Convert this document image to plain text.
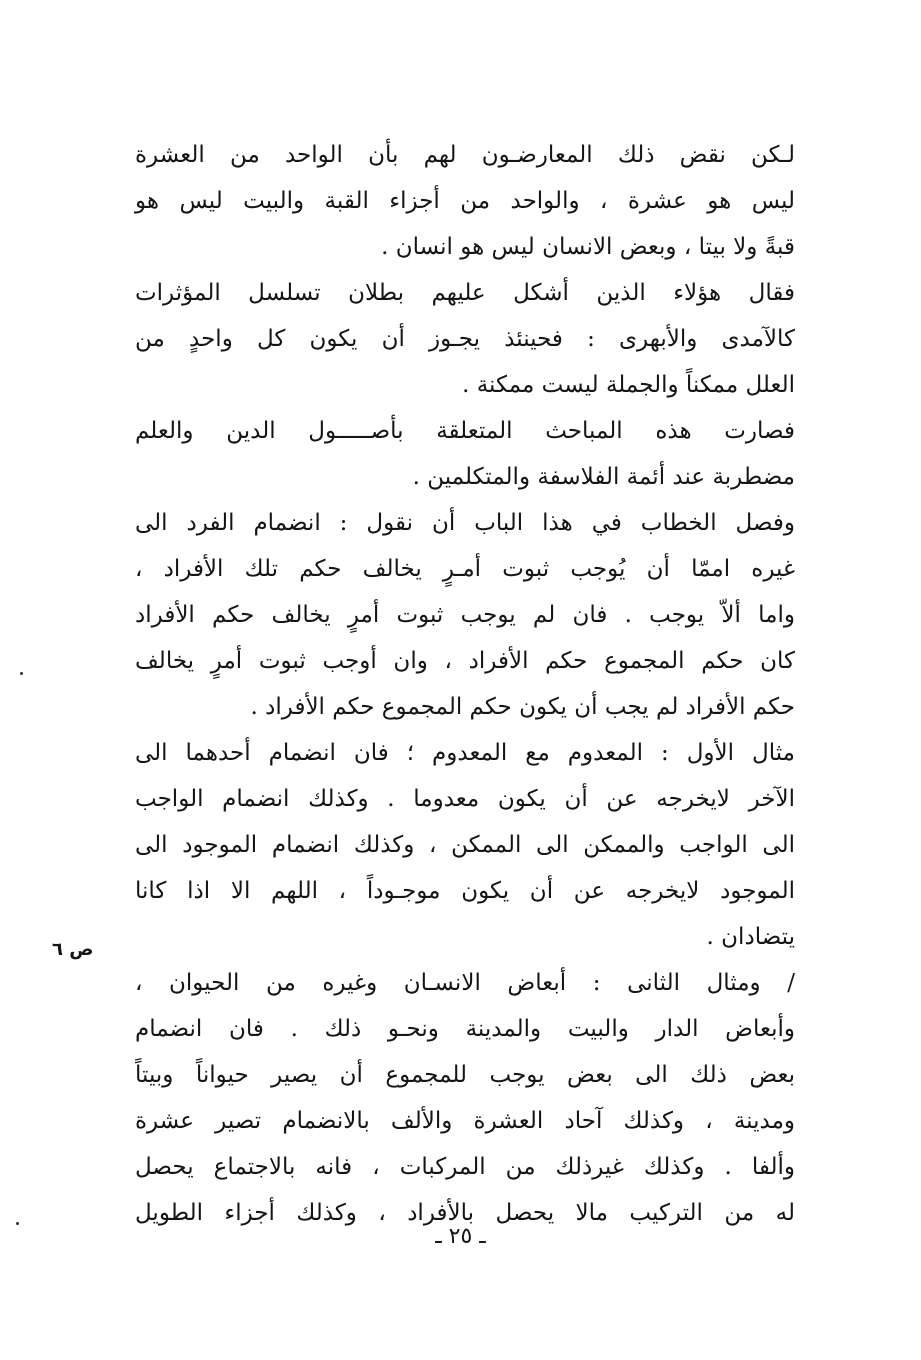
لـكن نقض ذلك المعارضـون لهم بأن الواحد من العشرة
ليس هو عشرة ، والواحد من أجزاء القبة والبيت ليس هو
قبةً ولا بيتا ، وبعض الانسان ليس هو انسان .
فقال هؤلاء الذين أشكل عليهم بطلان تسلسل المؤثرات
كالآمدى والأبهرى : فحينئذ يجـوز أن يكون كل واحدٍ من
العلل ممكناً والجملة ليست ممكنة .
فصارت هذه المباحث المتعلقة بأصـــــول الدين والعلم
مضطربة عند أئمة الفلاسفة والمتكلمين .
وفصل الخطاب في هذا الباب أن نقول : انضمام الفرد الى
غيره اممّا أن يُوجب ثبوت أمـرٍ يخالف حكم تلك الأفراد ،
واما ألاّ يوجب . فان لم يوجب ثبوت أمرٍ يخالف حكم الأفراد
كان حكم المجموع حكم الأفراد ، وان أوجب ثبوت أمرٍ يخالف
حكم الأفراد لم يجب أن يكون حكم المجموع حكم الأفراد .
مثال الأول : المعدوم مع المعدوم ؛ فان انضمام أحدهما الى
الآخر لايخرجه عن أن يكون معدوما . وكذلك انضمام الواجب
الى الواجب والممكن الى الممكن ، وكذلك انضمام الموجود الى
الموجود لايخرجه عن أن يكون موجـوداً ، اللهم الا اذا كانا
يتضادان .
/ ومثال الثانى : أبعاض الانسـان وغيره من الحيوان ،
وأبعاض الدار والبيت والمدينة ونحـو ذلك . فان انضمام
بعض ذلك الى بعض يوجب للمجموع أن يصير حيواناً وبيتاً
ومدينة ، وكذلك آحاد العشرة والألف بالانضمام تصير عشرة
وألفا . وكذلك غيرذلك من المركبات ، فانه بالاجتماع يحصل
له من التركيب مالا يحصل بالأفراد ، وكذلك أجزاء الطويل
ص ٦
ـ ٢٥ ـ
